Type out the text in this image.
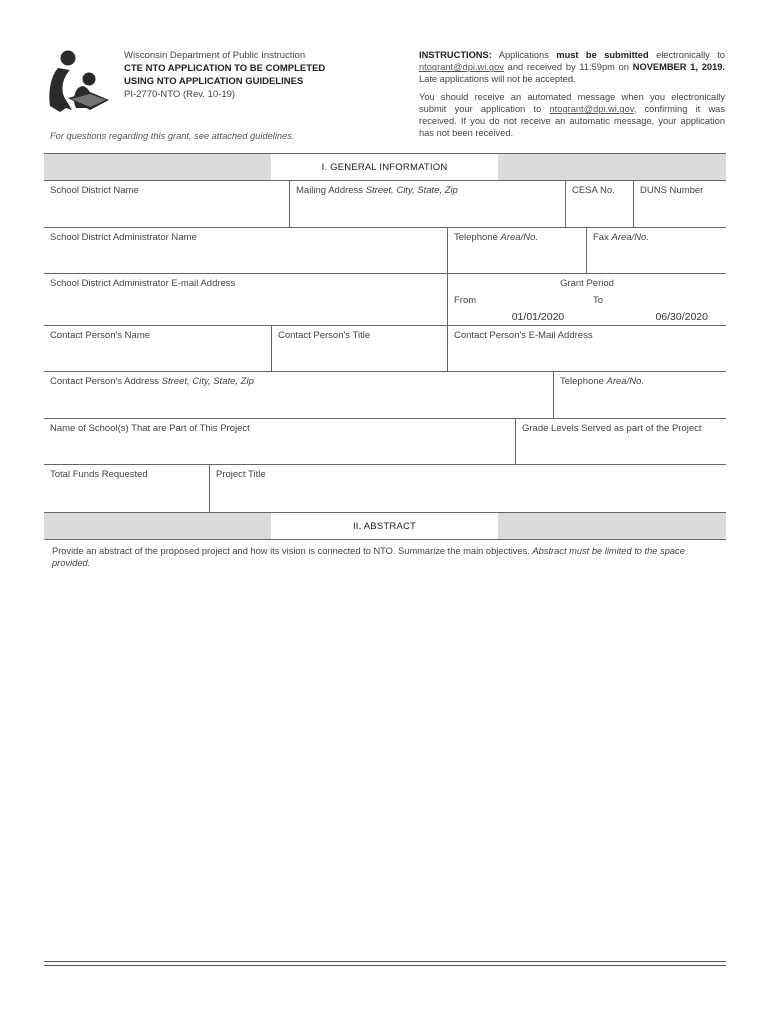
Wisconsin Department of Public Instruction
CTE NTO APPLICATION TO BE COMPLETED
USING NTO APPLICATION GUIDELINES
PI-2770-NTO (Rev. 10-19)
For questions regarding this grant, see attached guidelines.
INSTRUCTIONS: Applications must be submitted electronically to ntogrant@dpi.wi.gov and received by 11:59pm on NOVEMBER 1, 2019. Late applications will not be accepted.
You should receive an automated message when you electronically submit your application to ntogrant@dpi.wi.gov, confirming it was received. If you do not receive an automatic message, your application has not been received.
I. GENERAL INFORMATION
School District Name	Mailing Address Street, City, State, Zip	CESA No.	DUNS Number
School District Administrator Name	Telephone Area/No.	Fax Area/No.
School District Administrator E-mail Address	Grant Period
From	To
01/01/2020	06/30/2020
Contact Person's Name	Contact Person's Title	Contact Person's E-Mail Address
Contact Person's Address Street, City, State, Zip	Telephone Area/No.
Name of School(s) That are Part of This Project	Grade Levels Served as part of the Project
Total Funds Requested	Project Title
II. ABSTRACT
Provide an abstract of the proposed project and how its vision is connected to NTO. Summarize the main objectives. Abstract must be limited to the space provided.
